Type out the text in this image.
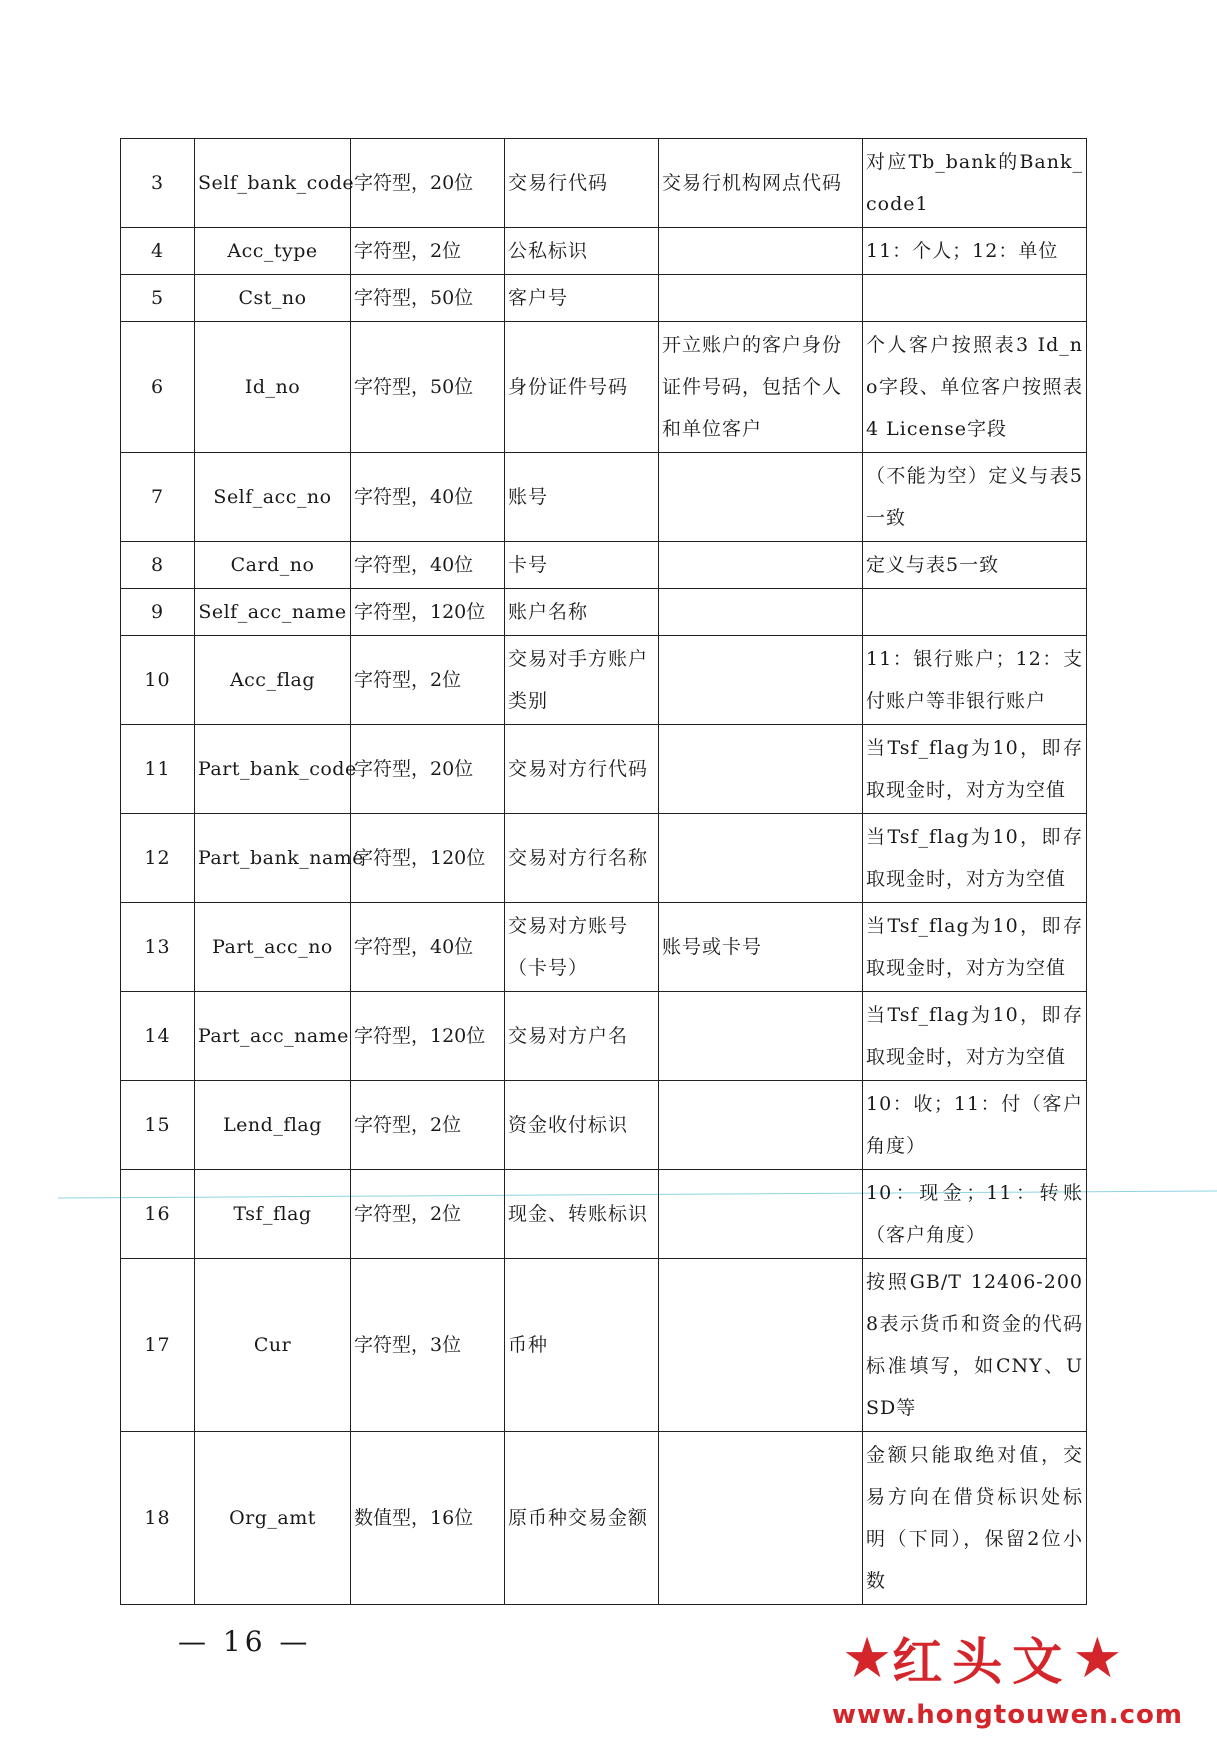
3	Self_bank_code	字符型，20位	交易行代码	交易行机构网点代码	对应Tb_bank的Bank_code1
4	Acc_type	字符型，2位	公私标识		11：个人；12：单位
5	Cst_no	字符型，50位	客户号		
6	Id_no	字符型，50位	身份证件号码	开立账户的客户身份证件号码，包括个人和单位客户	个人客户按照表3 Id_no字段、单位客户按照表4 License字段
7	Self_acc_no	字符型，40位	账号		（不能为空）定义与表5一致
8	Card_no	字符型，40位	卡号		定义与表5一致
9	Self_acc_name	字符型，120位	账户名称		
10	Acc_flag	字符型，2位	交易对手方账户类别		11：银行账户；12：支付账户等非银行账户
11	Part_bank_code	字符型，20位	交易对方行代码		当Tsf_flag为10，即存取现金时，对方为空值
12	Part_bank_name	字符型，120位	交易对方行名称		当Tsf_flag为10，即存取现金时，对方为空值
13	Part_acc_no	字符型，40位	交易对方账号（卡号）	账号或卡号	当Tsf_flag为10，即存取现金时，对方为空值
14	Part_acc_name	字符型，120位	交易对方户名		当Tsf_flag为10，即存取现金时，对方为空值
15	Lend_flag	字符型，2位	资金收付标识		10：收；11：付（客户角度）
16	Tsf_flag	字符型，2位	现金、转账标识		10：现金；11：转账（客户角度）
17	Cur	字符型，3位	币种		按照GB/T 12406-2008表示货币和资金的代码标准填写，如CNY、USD等
18	Org_amt	数值型，16位	原币种交易金额		金额只能取绝对值，交易方向在借贷标识处标明（下同），保留2位小数
— 16 —	★ 红头文 ★
www.hongtouwen.com
